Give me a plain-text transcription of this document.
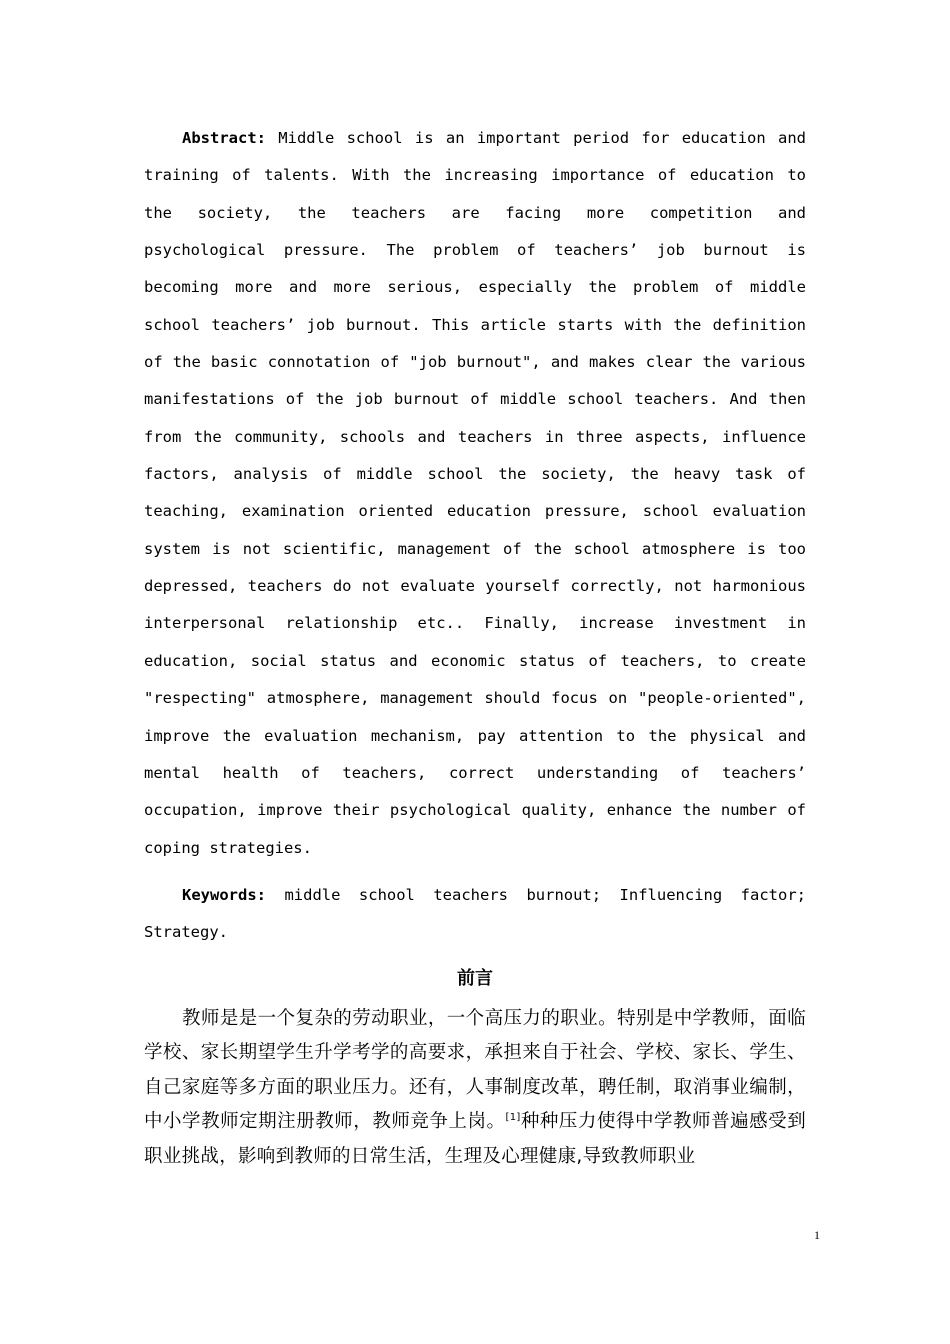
Abstract: Middle school is an important period for education and training of talents. With the increasing importance of education to the society, the teachers are facing more competition and psychological pressure. The problem of teachers’ job burnout is becoming more and more serious, especially the problem of middle school teachers’ job burnout. This article starts with the definition of the basic connotation of "job burnout", and makes clear the various manifestations of the job burnout of middle school teachers. And then from the community, schools and teachers in three aspects, influence factors, analysis of middle school the society, the heavy task of teaching, examination oriented education pressure, school evaluation system is not scientific, management of the school atmosphere is too depressed, teachers do not evaluate yourself correctly, not harmonious interpersonal relationship etc.. Finally, increase investment in education, social status and economic status of teachers, to create "respecting" atmosphere, management should focus on "people-oriented", improve the evaluation mechanism, pay attention to the physical and mental health of teachers, correct understanding of teachers’ occupation, improve their psychological quality, enhance the number of coping strategies.

Keywords: middle school teachers burnout; Influencing factor; Strategy.

前言

教师是是一个复杂的劳动职业，一个高压力的职业。特别是中学教师，面临学校、家长期望学生升学考学的高要求，承担来自于社会、学校、家长、学生、自己家庭等多方面的职业压力。还有，人事制度改革，聘任制，取消事业编制，中小学教师定期注册教师，教师竞争上岗。[1]种种压力使得中学教师普遍感受到职业挑战，影响到教师的日常生活，生理及心理健康,导致教师职业

1
